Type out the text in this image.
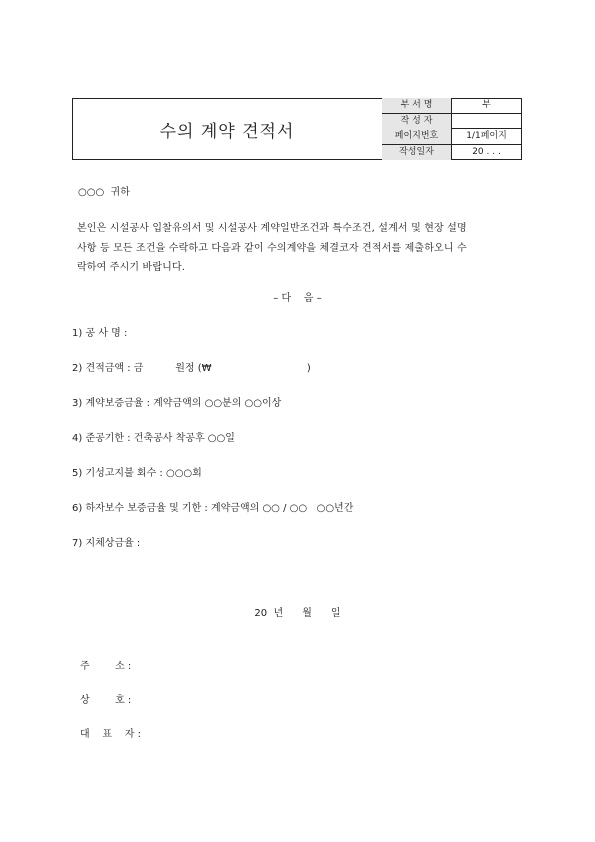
수의 계약 견적서
부 서 명	부
작 성 자
페이지번호	1/1페이지
작성일자	20 . . .
○○○  귀하
본인은 시설공사 입찰유의서 및 시설공사 계약일반조건과 특수조건, 설계서 및 현장 설명
사항 등 모든 조건을 수락하고 다음과 같이 수의계약을 체결코자 견적서를 제출하오니 수
락하여 주시기 바랍니다.
– 다    음 –
1) 공 사 명 :
2) 견적금액 : 금          원정 (₩                              )
3) 계약보증금율 : 계약금액의 ○○분의 ○○이상
4) 준공기한 : 건축공사 착공후 ○○일
5) 기성고지불 회수 : ○○○회
6) 하자보수 보증금율 및 기한 : 계약금액의 ○○ / ○○   ○○년간
7) 지체상금율 :
20  년      월      일
주        소 :
상        호 :
대    표    자 :
